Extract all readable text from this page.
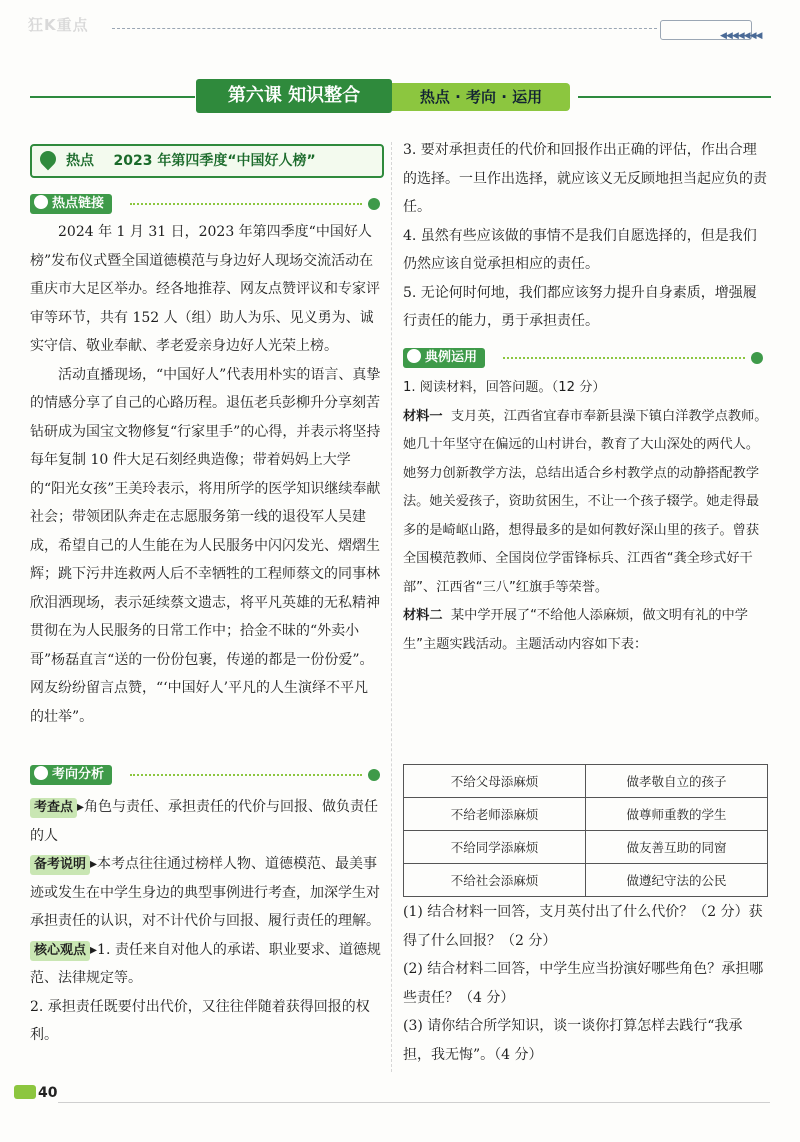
狂K重点
◀◀◀◀◀◀◀
第六课 知识整合	热点 · 考向 · 运用
热点 2023 年第四季度“中国好人榜”
热点链接

2024 年 1 月 31 日，2023 年第四季度“中国好人榜”发布仪式暨全国道德模范与身边好人现场交流活动在重庆市大足区举办。经各地推荐、网友点赞评议和专家评审等环节，共有 152 人（组）助人为乐、见义勇为、诚实守信、敬业奉献、孝老爱亲身边好人光荣上榜。

活动直播现场，“中国好人”代表用朴实的语言、真挚的情感分享了自己的心路历程。退伍老兵彭柳升分享刻苦钻研成为国宝文物修复“行家里手”的心得，并表示将坚持每年复制 10 件大足石刻经典造像；带着妈妈上大学的“阳光女孩”王美玲表示，将用所学的医学知识继续奉献社会；带领团队奔走在志愿服务第一线的退役军人吴建成，希望自己的人生能在为人民服务中闪闪发光、熠熠生辉；跳下污井连救两人后不幸牺牲的工程师蔡文的同事林欣泪洒现场，表示延续蔡文遗志，将平凡英雄的无私精神贯彻在为人民服务的日常工作中；拾金不昧的“外卖小哥”杨磊直言“送的一份份包裹，传递的都是一份份爱”。网友纷纷留言点赞，“‘中国好人’平凡的人生演绎不平凡的壮举”。

考向分析

考查点 ▸角色与责任、承担责任的代价与回报、做负责任的人

备考说明 ▸本考点往往通过榜样人物、道德模范、最美事迹或发生在中学生身边的典型事例进行考查，加深学生对承担责任的认识，对不计代价与回报、履行责任的理解。

核心观点 ▸1. 责任来自对他人的承诺、职业要求、道德规范、法律规定等。

2. 承担责任既要付出代价，又往往伴随着获得回报的权利。

3. 要对承担责任的代价和回报作出正确的评估，作出合理的选择。一旦作出选择，就应该义无反顾地担当起应负的责任。

4. 虽然有些应该做的事情不是我们自愿选择的，但是我们仍然应该自觉承担相应的责任。

5. 无论何时何地，我们都应该努力提升自身素质，增强履行责任的能力，勇于承担责任。

典例运用

1. 阅读材料，回答问题。（12 分）

材料一 支月英，江西省宜春市奉新县澡下镇白洋教学点教师。她几十年坚守在偏远的山村讲台，教育了大山深处的两代人。她努力创新教学方法，总结出适合乡村教学点的动静搭配教学法。她关爱孩子，资助贫困生，不让一个孩子辍学。她走得最多的是崎岖山路，想得最多的是如何教好深山里的孩子。曾获全国模范教师、全国岗位学雷锋标兵、江西省“龚全珍式好干部”、江西省“三八”红旗手等荣誉。

材料二 某中学开展了“不给他人添麻烦，做文明有礼的中学生”主题实践活动。主题活动内容如下表：

不给父母添麻烦	做孝敬自立的孩子
不给老师添麻烦	做尊师重教的学生
不给同学添麻烦	做友善互助的同窗
不给社会添麻烦	做遵纪守法的公民

(1) 结合材料一回答，支月英付出了什么代价？（2 分）获得了什么回报？（2 分）

(2) 结合材料二回答，中学生应当扮演好哪些角色？承担哪些责任？（4 分）

(3) 请你结合所学知识，谈一谈你打算怎样去践行“我承担，我无悔”。（4 分）

40
